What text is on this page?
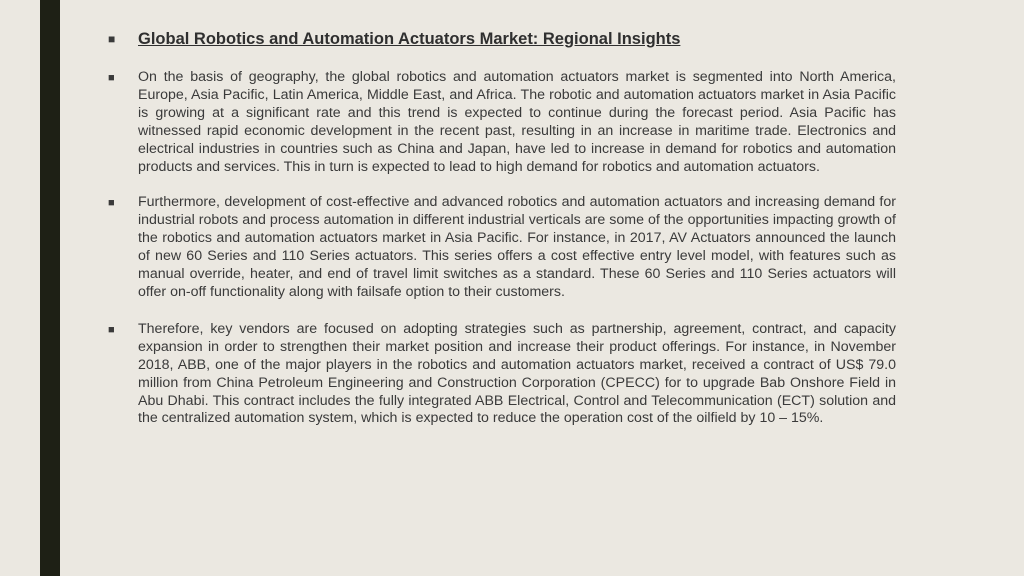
■	Global Robotics and Automation Actuators Market: Regional Insights
■	On the basis of geography, the global robotics and automation actuators market is segmented into North America, Europe, Asia Pacific, Latin America, Middle East, and Africa. The robotic and automation actuators market in Asia Pacific is growing at a significant rate and this trend is expected to continue during the forecast period. Asia Pacific has witnessed rapid economic development in the recent past, resulting in an increase in maritime trade. Electronics and electrical industries in countries such as China and Japan, have led to increase in demand for robotics and automation products and services. This in turn is expected to lead to high demand for robotics and automation actuators.
■	Furthermore, development of cost-effective and advanced robotics and automation actuators and increasing demand for industrial robots and process automation in different industrial verticals are some of the opportunities impacting growth of the robotics and automation actuators market in Asia Pacific. For instance, in 2017, AV Actuators announced the launch of new 60 Series and 110 Series actuators. This series offers a cost effective entry level model, with features such as manual override, heater, and end of travel limit switches as a standard. These 60 Series and 110 Series actuators will offer on-off functionality along with failsafe option to their customers.
■	Therefore, key vendors are focused on adopting strategies such as partnership, agreement, contract, and capacity expansion in order to strengthen their market position and increase their product offerings. For instance, in November 2018, ABB, one of the major players in the robotics and automation actuators market, received a contract of US$ 79.0 million from China Petroleum Engineering and Construction Corporation (CPECC) for to upgrade Bab Onshore Field in Abu Dhabi. This contract includes the fully integrated ABB Electrical, Control and Telecommunication (ECT) solution and the centralized automation system, which is expected to reduce the operation cost of the oilfield by 10 – 15%.
